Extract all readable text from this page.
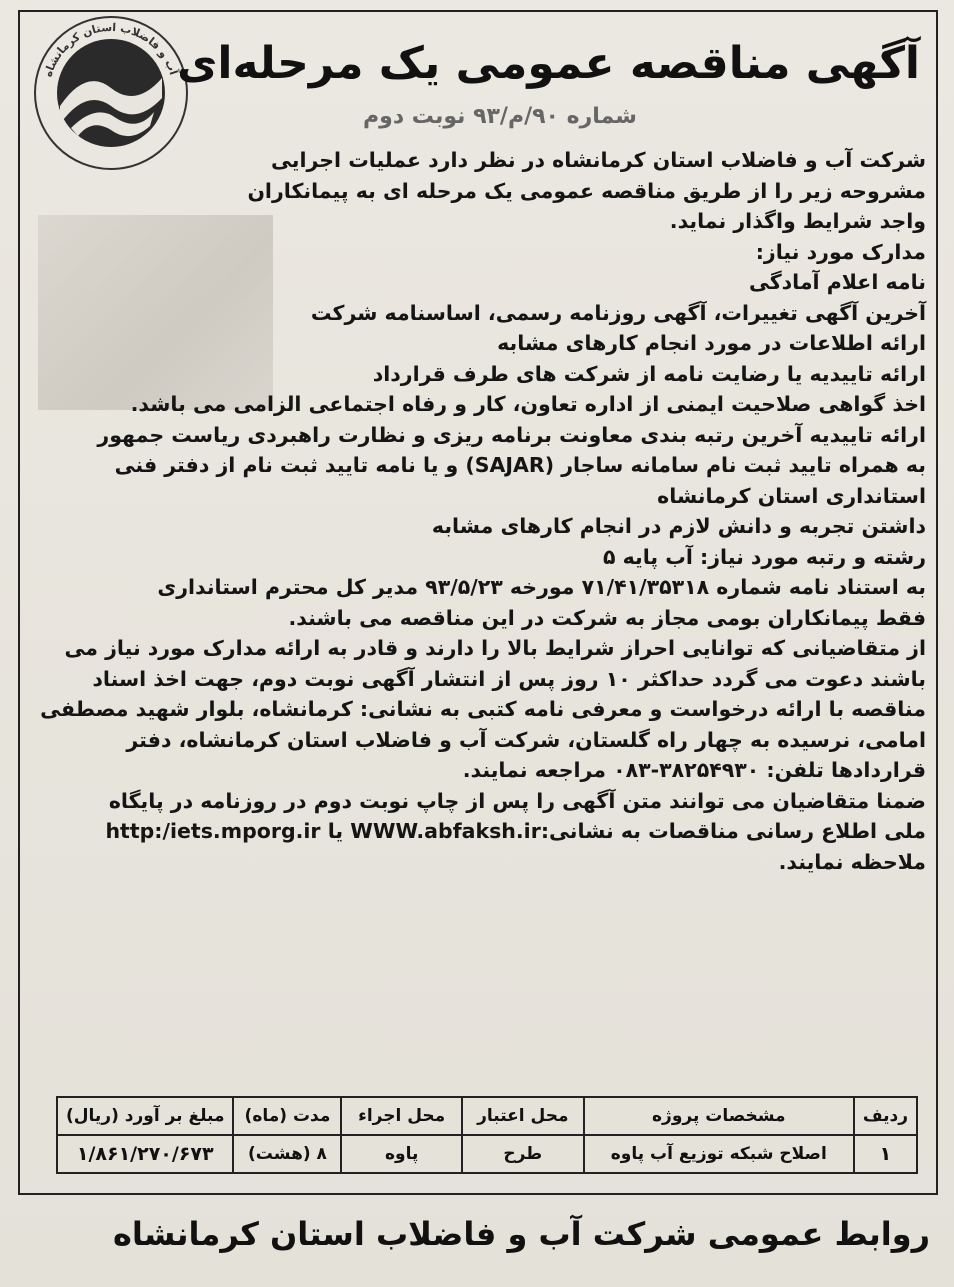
آب و فاضلاب استان کرمانشاه
آگهی مناقصه عمومی یک مرحله‌ای
شماره ۹۰/م/۹۳ نوبت دوم

شرکت آب و فاضلاب استان کرمانشاه در نظر دارد عملیات اجرایی

مشروحه زیر را از طریق مناقصه عمومی یک مرحله ای به پیمانکاران

واجد شرایط واگذار نماید.

مدارک مورد نیاز:

نامه اعلام آمادگی

آخرین آگهی تغییرات، آگهی روزنامه رسمی، اساسنامه شرکت

ارائه اطلاعات در مورد انجام کارهای مشابه

ارائه تاییدیه یا رضایت نامه از شرکت های طرف قرارداد

اخذ گواهی صلاحیت ایمنی از اداره تعاون، کار و رفاه اجتماعی الزامی می باشد.

ارائه تاییدیه آخرین رتبه بندی معاونت برنامه ریزی و نظارت راهبردی ریاست جمهور

به همراه تایید ثبت نام سامانه ساجار (SAJAR) و یا نامه تایید ثبت نام از دفتر فنی

استانداری استان کرمانشاه

داشتن تجربه و دانش لازم در انجام کارهای مشابه

رشته و رتبه مورد نیاز: آب پایه ۵

به استناد نامه شماره ۷۱/۴۱/۳۵۳۱۸ مورخه ۹۳/۵/۲۳ مدیر کل محترم استانداری

فقط پیمانکاران بومی مجاز به شرکت در این مناقصه می باشند.

از متقاضیانی که توانایی احراز شرایط بالا را دارند و قادر به ارائه مدارک مورد نیاز می

باشند دعوت می گردد حداکثر ۱۰ روز پس از انتشار آگهی نوبت دوم، جهت اخذ اسناد

مناقصه با ارائه درخواست و معرفی نامه کتبی به نشانی: کرمانشاه، بلوار شهید مصطفی

امامی، نرسیده به چهار راه گلستان، شرکت آب و فاضلاب استان کرمانشاه، دفتر

قراردادها تلفن: ۳۸۲۵۴۹۳۰-۰۸۳ مراجعه نمایند.

ضمنا متقاضیان می توانند متن آگهی را پس از چاپ نوبت دوم در روزنامه در پایگاه

ملی اطلاع رسانی مناقصات به نشانی:WWW.abfaksh.ir یا http:/iets.mporg.ir

ملاحظه نمایند.

ردیف	مشخصات پروژه	محل اعتبار	محل اجراء	مدت (ماه)	مبلغ بر آورد (ریال)
۱	اصلاح شبکه توزیع آب پاوه	طرح	پاوه	۸ (هشت)	۱/۸۶۱/۲۷۰/۶۷۳
روابط عمومی شرکت آب و فاضلاب استان کرمانشاه
